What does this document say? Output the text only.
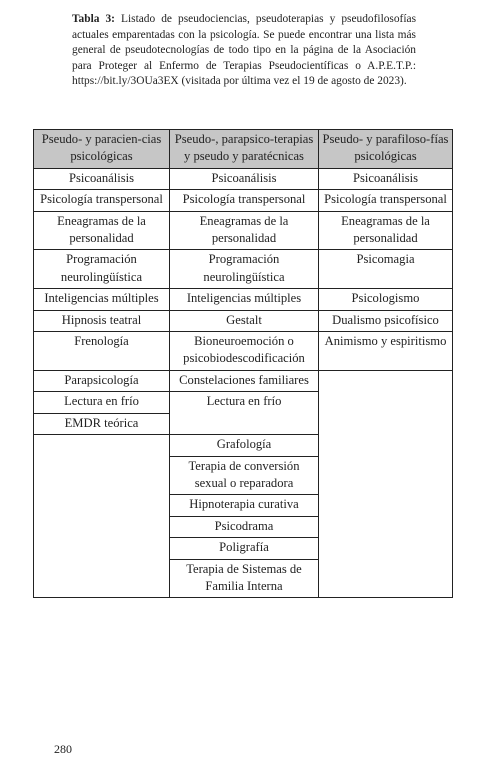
Tabla 3: Listado de pseudociencias, pseudoterapias y pseudofilosofías actuales emparentadas con la psicología. Se puede encontrar una lista más general de pseudotecnologías de todo tipo en la página de la Asociación para Proteger al Enfermo de Terapias Pseudocientíficas o A.P.E.T.P.: https://bit.ly/3OUa3EX (visitada por última vez el 19 de agosto de 2023).

Pseudo- y paracien-cias psicológicas	Pseudo-, parapsico-terapias y pseudo y paratécnicas	Pseudo- y parafiloso-fías psicológicas
Psicoanálisis	Psicoanálisis	Psicoanálisis
Psicología transpersonal	Psicología transpersonal	Psicología transpersonal
Eneagramas de la personalidad	Eneagramas de la personalidad	Eneagramas de la personalidad
Programación neurolingüística	Programación neurolingüística	Psicomagia
Inteligencias múltiples	Inteligencias múltiples	Psicologismo
Hipnosis teatral	Gestalt	Dualismo psicofísico
Frenología	Bioneuroemoción o psicobiodescodificación	Animismo y espiritismo
Parapsicología	Constelaciones familiares	
Lectura en frío	Lectura en frío	
EMDR teórica		
	Grafología	
	Terapia de conversión sexual o reparadora	
	Hipnoterapia curativa	
	Psicodrama	
	Poligrafía	
	Terapia de Sistemas de Familia Interna	
280
